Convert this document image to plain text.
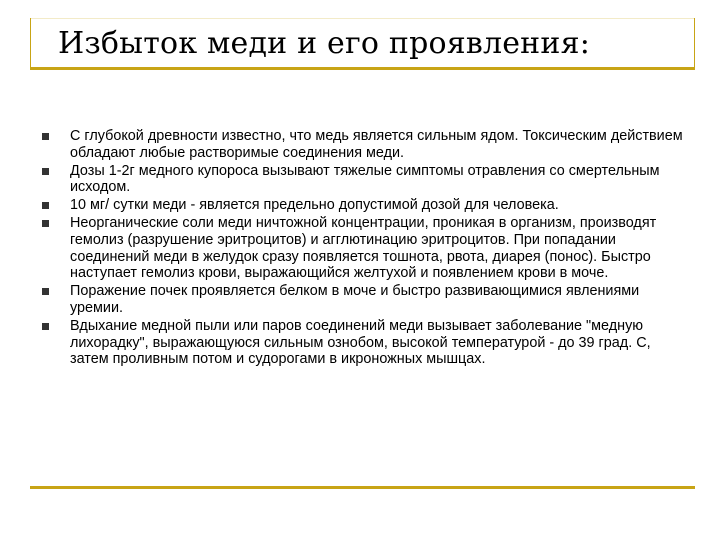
Избыток меди и его проявления:
С глубокой древности известно, что медь является сильным ядом. Токсическим действием обладают любые растворимые соединения меди.
Дозы 1-2г медного купороса вызывают тяжелые симптомы отравления со смертельным исходом.
10 мг/ сутки меди - является предельно допустимой дозой для человека.
Неорганические соли меди ничтожной концентрации, проникая в организм, производят гемолиз (разрушение эритроцитов) и агглютинацию эритроцитов. При попадании соединений меди в желудок сразу появляется тошнота, рвота, диарея (понос). Быстро наступает гемолиз крови, выражающийся желтухой и появлением крови в моче.
Поражение почек проявляется белком в моче и быстро развивающимися явлениями уремии.
Вдыхание медной пыли или паров соединений меди вызывает заболевание "медную лихорадку", выражающуюся сильным ознобом, высокой температурой - до 39 град. С, затем проливным потом и судорогами в икроножных мышцах.
